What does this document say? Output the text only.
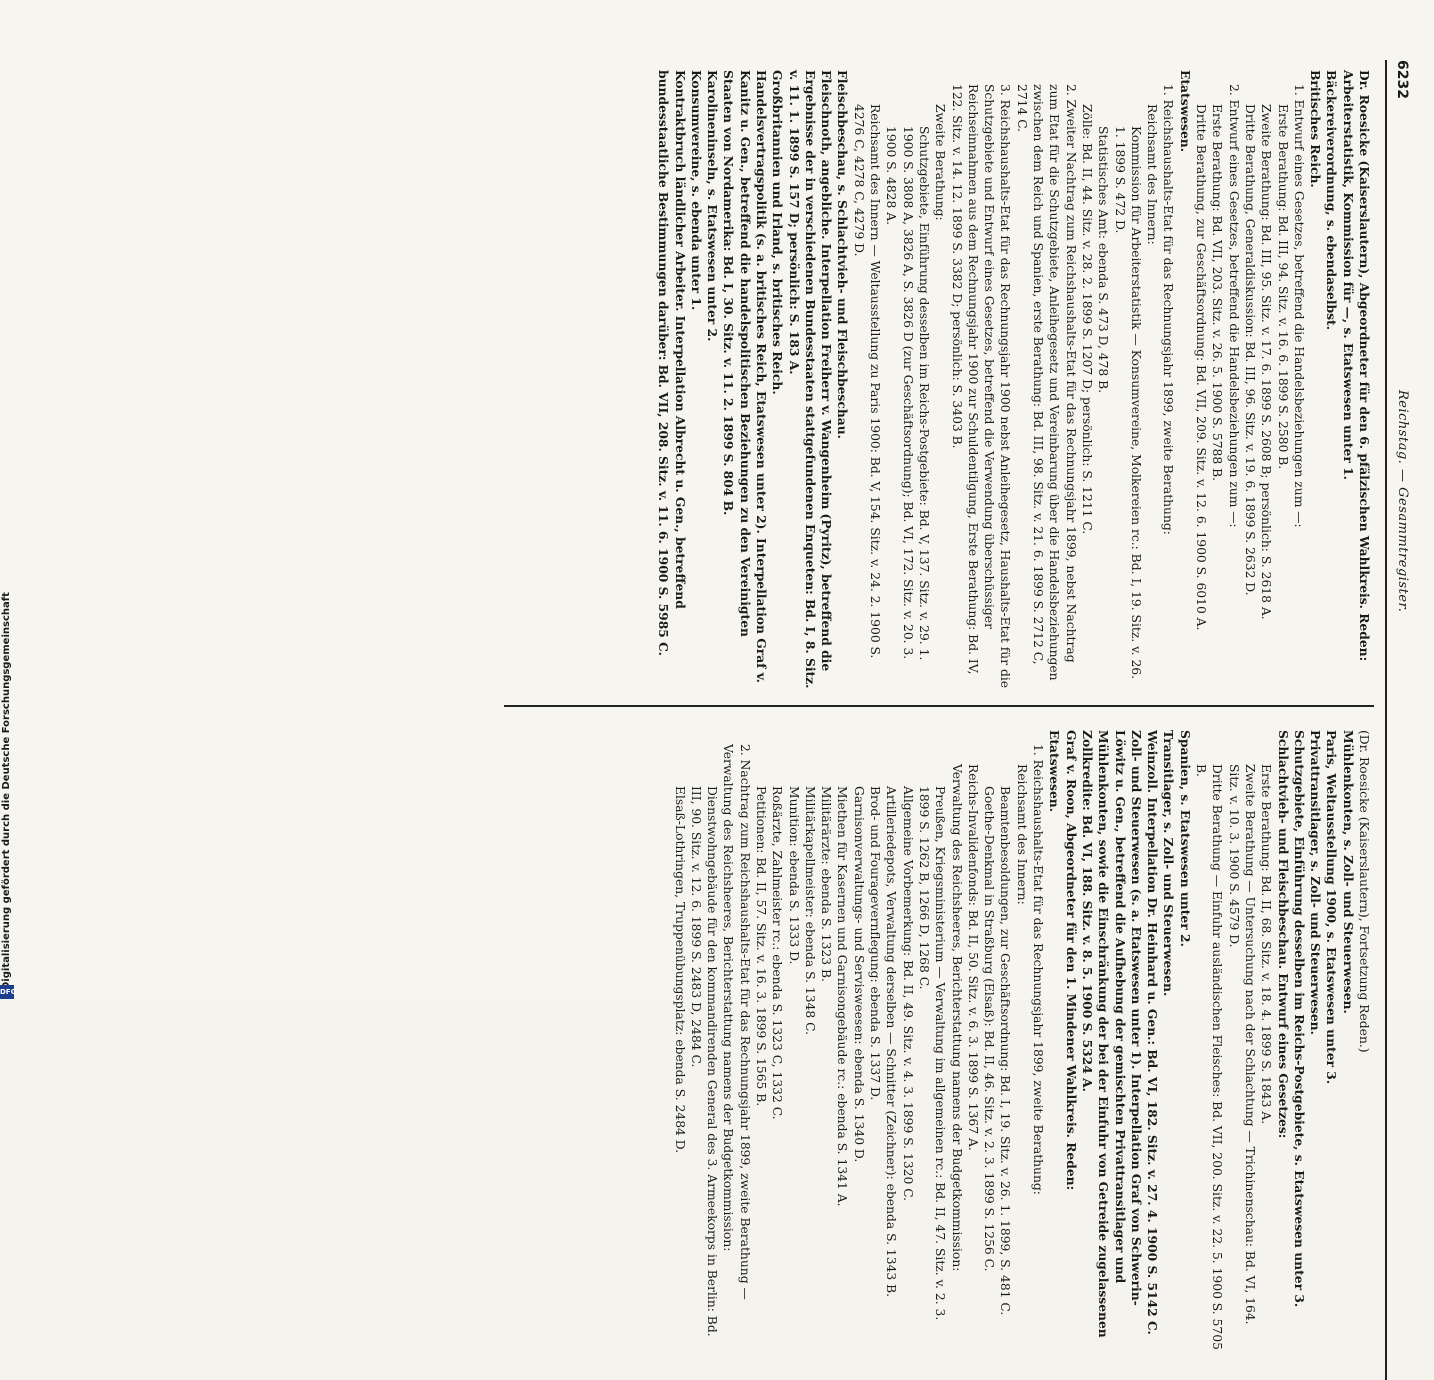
6232
Reichstag. — Gesammtregister.

Dr. Roesicke (Kaiserslautern), Abgeordneter für den 6. pfälzischen Wahlkreis. Reden:

Arbeiterstatistik, Kommission für —, s. Etatswesen unter 1.

Bäckereiverordnung, s. ebendaselbst.

Britisches Reich.

1. Entwurf eines Gesetzes, betreffend die Handelsbeziehungen zum —:

Erste Berathung: Bd. III, 94. Sitz. v. 16. 6. 1899 S. 2580 B.

Zweite Berathung: Bd. III, 95. Sitz. v. 17. 6. 1899 S. 2608 B; persönlich: S. 2618 A.

Dritte Berathung, Generaldiskussion: Bd. III, 96. Sitz. v. 19. 6. 1899 S. 2632 D.

2. Entwurf eines Gesetzes, betreffend die Handelsbeziehungen zum —:

Erste Berathung: Bd. VII, 203. Sitz. v. 26. 5. 1900 S. 5788 B.

Dritte Berathung, zur Geschäftsordnung: Bd. VII, 209. Sitz. v. 12. 6. 1900 S. 6010 A.

Etatswesen.

1. Reichshaushalts-Etat für das Rechnungsjahr 1899, zweite Berathung:

Reichsamt des Innern:

Kommission für Arbeiterstatistik — Konsumvereine, Molkereien rc.: Bd. I, 19. Sitz. v. 26. 1. 1899 S. 472 D.

Statistisches Amt: ebenda S. 473 D, 478 B.

Zölle: Bd. II, 44. Sitz. v. 28. 2. 1899 S. 1207 D; persönlich: S. 1211 C.

2. Zweiter Nachtrag zum Reichshaushalts-Etat für das Rechnungsjahr 1899, nebst Nachtrag zum Etat für die Schutzgebiete, Anleihegesetz und Vereinbarung über die Handelsbeziehungen zwischen dem Reich und Spanien, erste Berathung: Bd. III, 98. Sitz. v. 21. 6. 1899 S. 2712 C, 2714 C.

3. Reichshaushalts-Etat für das Rechnungsjahr 1900 nebst Anleihegesetz, Haushalts-Etat für die Schutzgebiete und Entwurf eines Gesetzes, betreffend die Verwendung überschüssiger Reichseinnahmen aus dem Rechnungsjahr 1900 zur Schuldentilgung, Erste Berathung: Bd. IV, 122. Sitz. v. 14. 12. 1899 S. 3382 D; persönlich: S. 3403 B.

Zweite Berathung:

Schutzgebiete, Einführung desselben im Reichs-Postgebiete: Bd. V, 137. Sitz. v. 29. 1. 1900 S. 3808 A, 3826 A, S. 3826 D (zur Geschäftsordnung); Bd. VI, 172. Sitz. v. 20. 3. 1900 S. 4828 A.

Reichsamt des Innern — Weltausstellung zu Paris 1900: Bd. V, 154. Sitz. v. 24. 2. 1900 S. 4276 C, 4278 C, 4279 D.

Fleischbeschau, s. Schlachtvieh- und Fleischbeschau.

Fleischnoth, angebliche. Interpellation Freiherr v. Wangenheim (Pyritz), betreffend die Ergebnisse der in verschiedenen Bundesstaaten stattgefundenen Enqueten: Bd. I, 8. Sitz. v. 11. 1. 1899 S. 157 D; persönlich: S. 183 A.

Großbritannien und Irland, s. britisches Reich.

Handelsvertragspolitik (s. a. britisches Reich, Etatswesen unter 2). Interpellation Graf v. Kanitz u. Gen., betreffend die handelspolitischen Beziehungen zu den Vereinigten Staaten von Nordamerika: Bd. I, 30. Sitz. v. 11. 2. 1899 S. 804 B.

Karolineninseln, s. Etatswesen unter 2.

Konsumvereine, s. ebenda unter 1.

Kontraktbruch ländlicher Arbeiter. Interpellation Albrecht u. Gen., betreffend bundesstaatliche Bestimmungen darüber: Bd. VII, 208. Sitz. v. 11. 6. 1900 S. 5985 C.

(Dr. Roesicke (Kaiserslautern), Fortsetzung Reden.)

Mühlenkonten, s. Zoll- und Steuerwesen.

Paris, Weltausstellung 1900, s. Etatswesen unter 3.

Privattransitlager, s. Zoll- und Steuerwesen.

Schutzgebiete, Einführung desselben im Reichs-Postgebiete, s. Etatswesen unter 3.

Schlachtvieh- und Fleischbeschau. Entwurf eines Gesetzes:

Erste Berathung: Bd. II, 68. Sitz. v. 18. 4. 1899 S. 1843 A.

Zweite Berathung — Untersuchung nach der Schlachtung — Trichinenschau: Bd. VI, 164. Sitz. v. 10. 3. 1900 S. 4579 D.

Dritte Berathung — Einfuhr ausländischen Fleisches: Bd. VII, 200. Sitz. v. 22. 5. 1900 S. 5705 B.

Spanien, s. Etatswesen unter 2.

Transitlager, s. Zoll- und Steuerwesen.

Weinzoll. Interpellation Dr. Heinhard u. Gen.: Bd. VI, 182. Sitz. v. 27. 4. 1900 S. 5142 C.

Zoll- und Steuerwesen (s. a. Etatswesen unter 1). Interpellation Graf von Schwerin-Löwitz u. Gen., betreffend die Aufhebung der gemischten Privattransitlager und Mühlenkonten, sowie die Einschränkung der bei der Einfuhr von Getreide zugelassenen Zollkredite: Bd. VI, 188. Sitz. v. 8. 5. 1900 S. 5324 A.

Graf v. Roon, Abgeordneter für den 1. Mindener Wahlkreis. Reden:

Etatswesen.

1. Reichshaushalts-Etat für das Rechnungsjahr 1899, zweite Berathung:

Reichsamt des Innern:

Beamtenbesoldungen, zur Geschäftsordnung: Bd. I, 19. Sitz. v. 26. 1. 1899, S. 481 C.

Goethe-Denkmal in Straßburg (Elsaß): Bd. II, 46. Sitz. v. 2. 3. 1899 S. 1256 C.

Reichs-Invalidenfonds: Bd. II, 50. Sitz. v. 6. 3. 1899 S. 1367 A.

Verwaltung des Reichsheeres, Berichterstattung namens der Budgetkommission:

Preußen, Kriegsministerium — Verwaltung im allgemeinen rc.: Bd. II, 47. Sitz. v. 2. 3. 1899 S. 1262 B, 1266 D, 1268 C.

Allgemeine Vorbemerkung: Bd. II, 49. Sitz. v. 4. 3. 1899 S. 1320 C.

Artilleriedepots, Verwaltung derselben — Schnitter (Zeichner): ebenda S. 1343 B.

Brod- und Fouragevernflegung: ebenda S. 1337 D.

Garnisonverwaltungs- und Servisweesen: ebenda S. 1340 D.

Miethen für Kasernen und Garnisongebäude rc.: ebenda S. 1341 A.

Militärärzte: ebenda S. 1323 B.

Militärkapellmeister: ebenda S. 1348 C.

Munition: ebenda S. 1333 D.

Roßärzte, Zahlmeister rc.: ebenda S. 1323 C, 1332 C.

Petitionen: Bd. II, 57. Sitz. v. 16. 3. 1899 S. 1565 B.

2. Nachtrag zum Reichshaushalts-Etat für das Rechnungsjahr 1899, zweite Berathung — Verwaltung des Reichsheeres, Berichterstattung namens der Budgetkommission:

Dienstwohngebäude für den kommandirenden General des 3. Armeekorps in Berlin: Bd. III, 90. Sitz. v. 12. 6. 1899 S. 2483 D, 2484 C.

Elsaß-Lothringen, Truppenübungsplatz: ebenda S. 2484 D.

DFG
